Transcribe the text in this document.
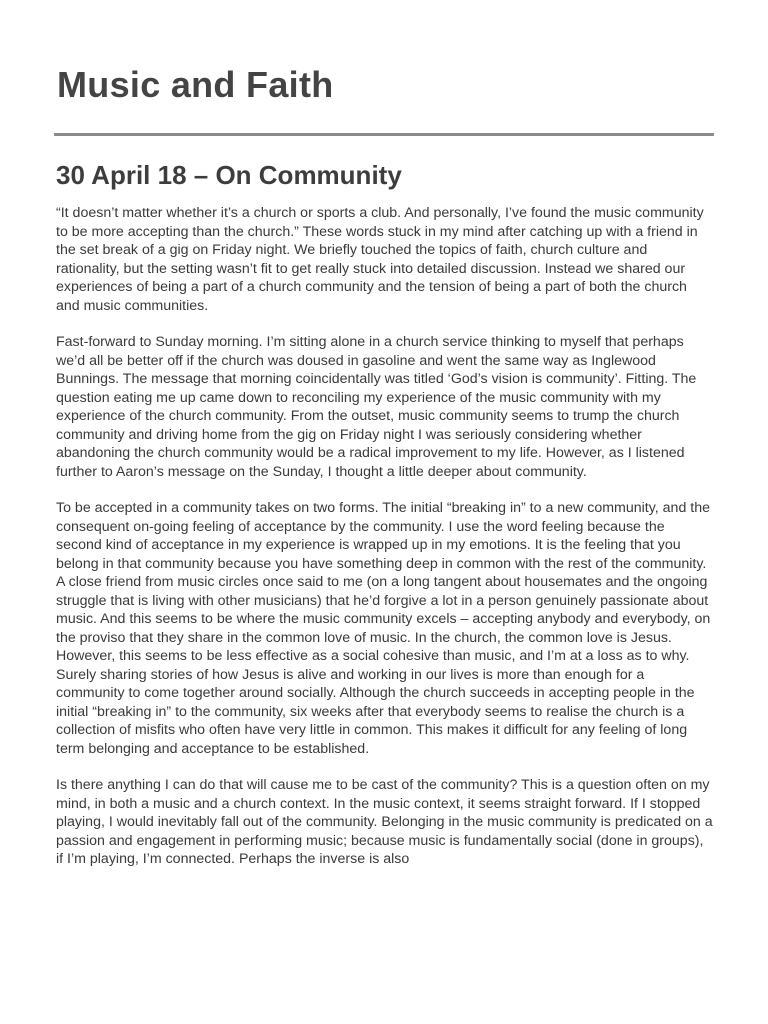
Music and Faith
30 April 18 – On Community

“It doesn’t matter whether it’s a church or sports a club. And personally, I’ve found the music community to be more accepting than the church.” These words stuck in my mind after catching up with a friend in the set break of a gig on Friday night. We briefly touched the topics of faith, church culture and rationality, but the setting wasn’t fit to get really stuck into detailed discussion. Instead we shared our experiences of being a part of a church community and the tension of being a part of both the church and music communities.

Fast-forward to Sunday morning. I’m sitting alone in a church service thinking to myself that perhaps we’d all be better off if the church was doused in gasoline and went the same way as Inglewood Bunnings. The message that morning coincidentally was titled ‘God’s vision is community’. Fitting. The question eating me up came down to reconciling my experience of the music community with my experience of the church community. From the outset, music community seems to trump the church community and driving home from the gig on Friday night I was seriously considering whether abandoning the church community would be a radical improvement to my life. However, as I listened further to Aaron’s message on the Sunday, I thought a little deeper about community.

To be accepted in a community takes on two forms. The initial “breaking in” to a new community, and the consequent on-going feeling of acceptance by the community. I use the word feeling because the second kind of acceptance in my experience is wrapped up in my emotions. It is the feeling that you belong in that community because you have something deep in common with the rest of the community. A close friend from music circles once said to me (on a long tangent about housemates and the ongoing struggle that is living with other musicians) that he’d forgive a lot in a person genuinely passionate about music. And this seems to be where the music community excels – accepting anybody and everybody, on the proviso that they share in the common love of music. In the church, the common love is Jesus. However, this seems to be less effective as a social cohesive than music, and I’m at a loss as to why. Surely sharing stories of how Jesus is alive and working in our lives is more than enough for a community to come together around socially. Although the church succeeds in accepting people in the initial “breaking in” to the community, six weeks after that everybody seems to realise the church is a collection of misfits who often have very little in common. This makes it difficult for any feeling of long term belonging and acceptance to be established.

Is there anything I can do that will cause me to be cast of the community? This is a question often on my mind, in both a music and a church context. In the music context, it seems straight forward. If I stopped playing, I would inevitably fall out of the community. Belonging in the music community is predicated on a passion and engagement in performing music; because music is fundamentally social (done in groups), if I’m playing, I’m connected. Perhaps the inverse is also
